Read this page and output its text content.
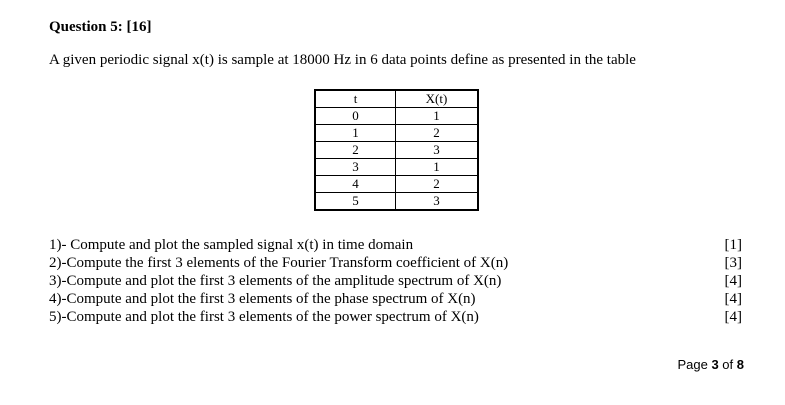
Question 5: [16]
A given periodic signal x(t) is sample at 18000 Hz in 6 data points define as presented in the table
t	X(t)
0	1
1	2
2	3
3	1
4	2
5	3
1)- Compute and plot the sampled signal x(t) in time domain	[1]
2)-Compute the first 3 elements of the Fourier Transform coefficient of X(n)	[3]
3)-Compute and plot the first 3 elements of the amplitude spectrum of X(n)	[4]
4)-Compute and plot the first 3 elements of the phase spectrum of X(n)	[4]
5)-Compute and plot the first 3 elements of the power spectrum of X(n)	[4]
Page 3 of 8
